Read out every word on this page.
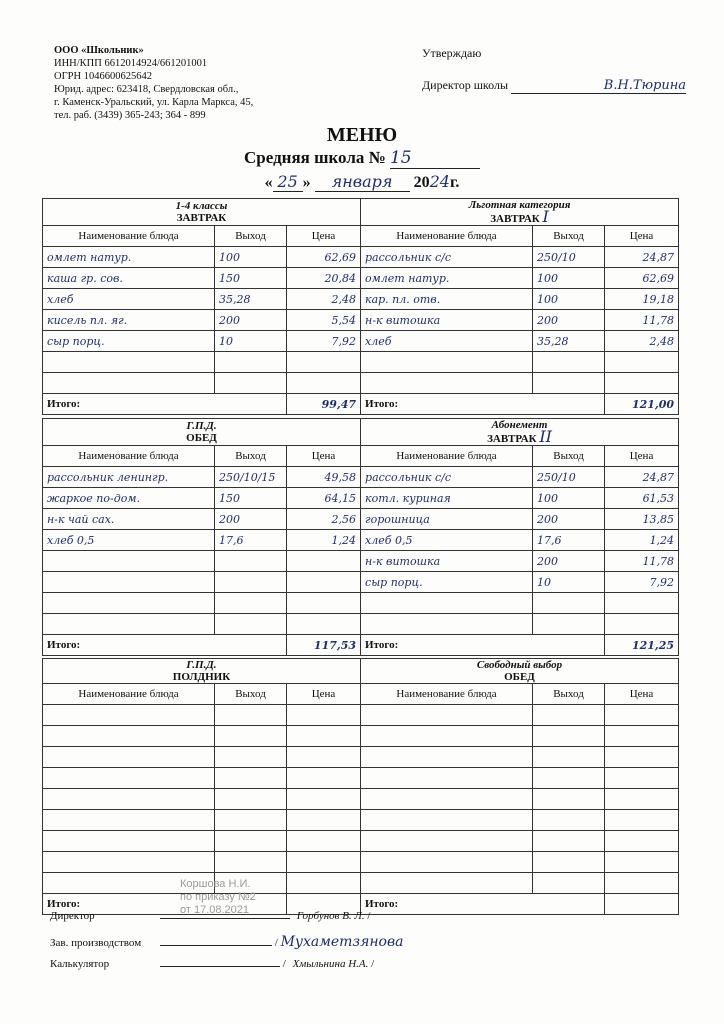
ООО «Школьник»
ИНН/КПП 6612014924/661201001
ОГРН 1046600625642
Юрид. адрес: 623418, Свердловская обл.,
г. Каменск-Уральский, ул. Карла Маркса, 45,
тел. раб. (3439) 365-243; 364 - 899
Утверждаю
Директор школы	В.Н.Тюрина
МЕНЮ
Средняя школа № 15
« 25 » января 2024г.
1-4 классы
ЗАВТРАК			Льготная категория
ЗАВТРАК I		

Наименование блюда	Выход	Цена	Наименование блюда	Выход	Цена
омлет натур.	100	62,69	рассольник с/с	250/10	24,87
каша гр. сов.	150	20,84	омлет натур.	100	62,69
хлеб	35,28	2,48	кар. пл. отв.	100	19,18
кисель пл. яг.	200	5,54	н-к витошка	200	11,78
сыр порц.	10	7,92	хлеб	35,28	2,48

Итого:		99,47	Итого:		121,00
Г.П.Д.
ОБЕД			Абонемент
ЗАВТРАК II		

Наименование блюда	Выход	Цена	Наименование блюда	Выход	Цена
рассольник ленингр.	250/10/15	49,58	рассольник с/с	250/10	24,87
жаркое по-дом.	150	64,15	котл. куриная	100	61,53
н-к чай сах.	200	2,56	горошница	200	13,85
хлеб 0,5	17,6	1,24	хлеб 0,5	17,6	1,24
			н-к витошка	200	11,78
			сыр порц.	10	7,92

Итого:		117,53	Итого:		121,25
Г.П.Д.
ПОЛДНИК			Свободный выбор
ОБЕД		

Наименование блюда	Выход	Цена	Наименование блюда	Выход	Цена

Итого:			Итого:		
Коршова Н.И.
по приказу №2
от 17.08.2021
Директор	Горбунов В. Л. /
Зав. производством	/ Мухаметзянова
Калькулятор	/ Хмыльнина Н.А. /
